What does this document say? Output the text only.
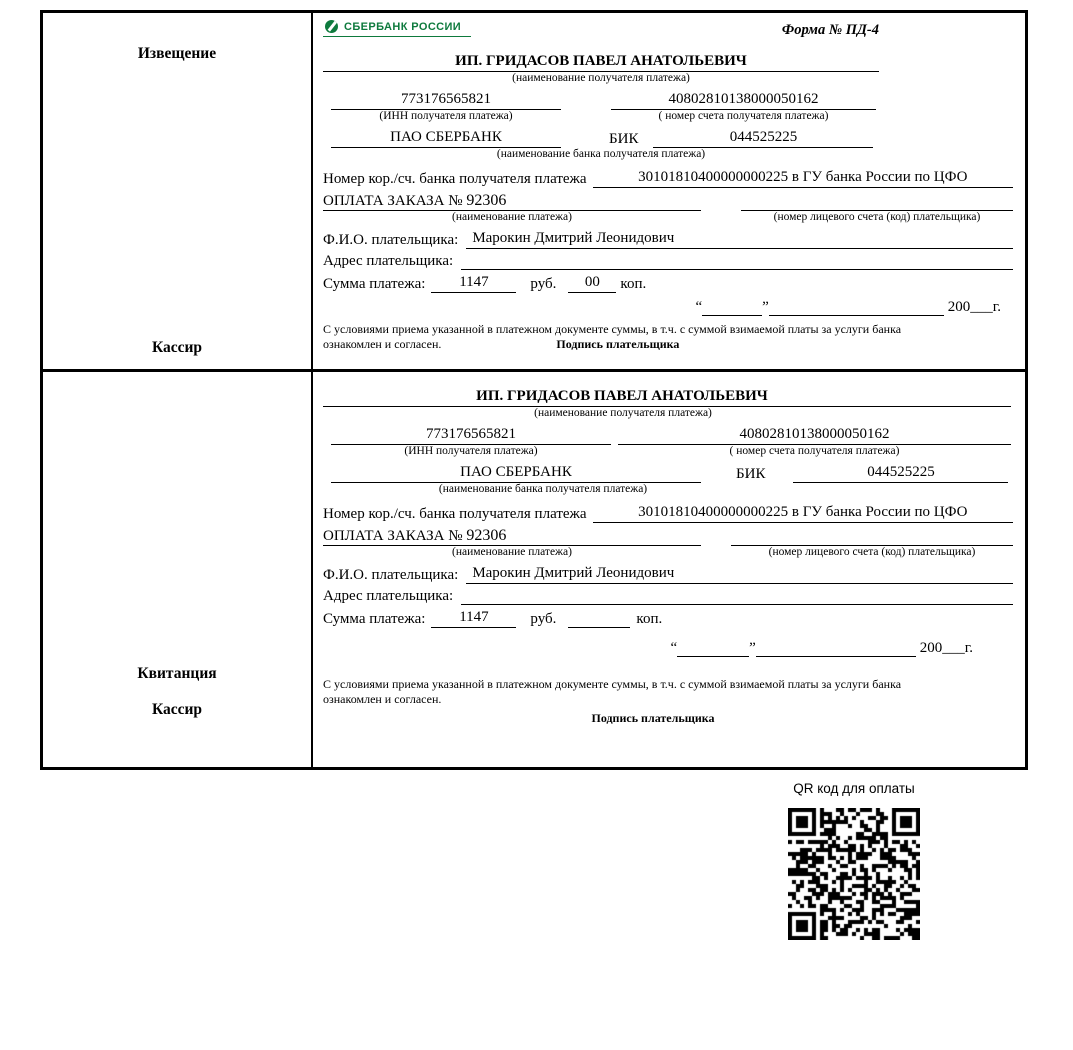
Извещение
Кассир
СБЕРБАНК РОССИИ	Форма № ПД-4
ИП. ГРИДАСОВ ПАВЕЛ АНАТОЛЬЕВИЧ
(наименование получателя платежа)
773176565821	40802810138000050162
(ИНН получателя платежа)	( номер счета получателя платежа)
ПАО СБЕРБАНК	БИК	044525225
(наименование банка получателя платежа)
Номер кор./сч. банка получателя платежа	30101810400000000225 в ГУ банка России по ЦФО
ОПЛАТА ЗАКАЗА № 92306
(наименование платежа)	(номер лицевого счета (код) плательщика)
Ф.И.О. плательщика: Марокин Дмитрий Леонидович
Адрес плательщика:
Сумма платежа:	1147	руб.	00	коп.
“	”	200___г.
С условиями приема указанной в платежном документе суммы, в т.ч. с суммой взимаемой платы за услуги банка
ознакомлен и согласен.	Подпись плательщика
Квитанция
Кассир
ИП. ГРИДАСОВ ПАВЕЛ АНАТОЛЬЕВИЧ
(наименование получателя платежа)
773176565821	40802810138000050162
(ИНН получателя платежа)	( номер счета получателя платежа)
ПАО СБЕРБАНК	БИК	044525225
(наименование банка получателя платежа)
Номер кор./сч. банка получателя платежа	30101810400000000225 в ГУ банка России по ЦФО
ОПЛАТА ЗАКАЗА № 92306
(наименование платежа)	(номер лицевого счета (код) плательщика)
Ф.И.О. плательщика: Марокин Дмитрий Леонидович
Адрес плательщика:
Сумма платежа:	1147	руб.	коп.
“	”	200___г.
С условиями приема указанной в платежном документе суммы, в т.ч. с суммой взимаемой платы за услуги банка
ознакомлен и согласен.
Подпись плательщика
QR код для оплаты
